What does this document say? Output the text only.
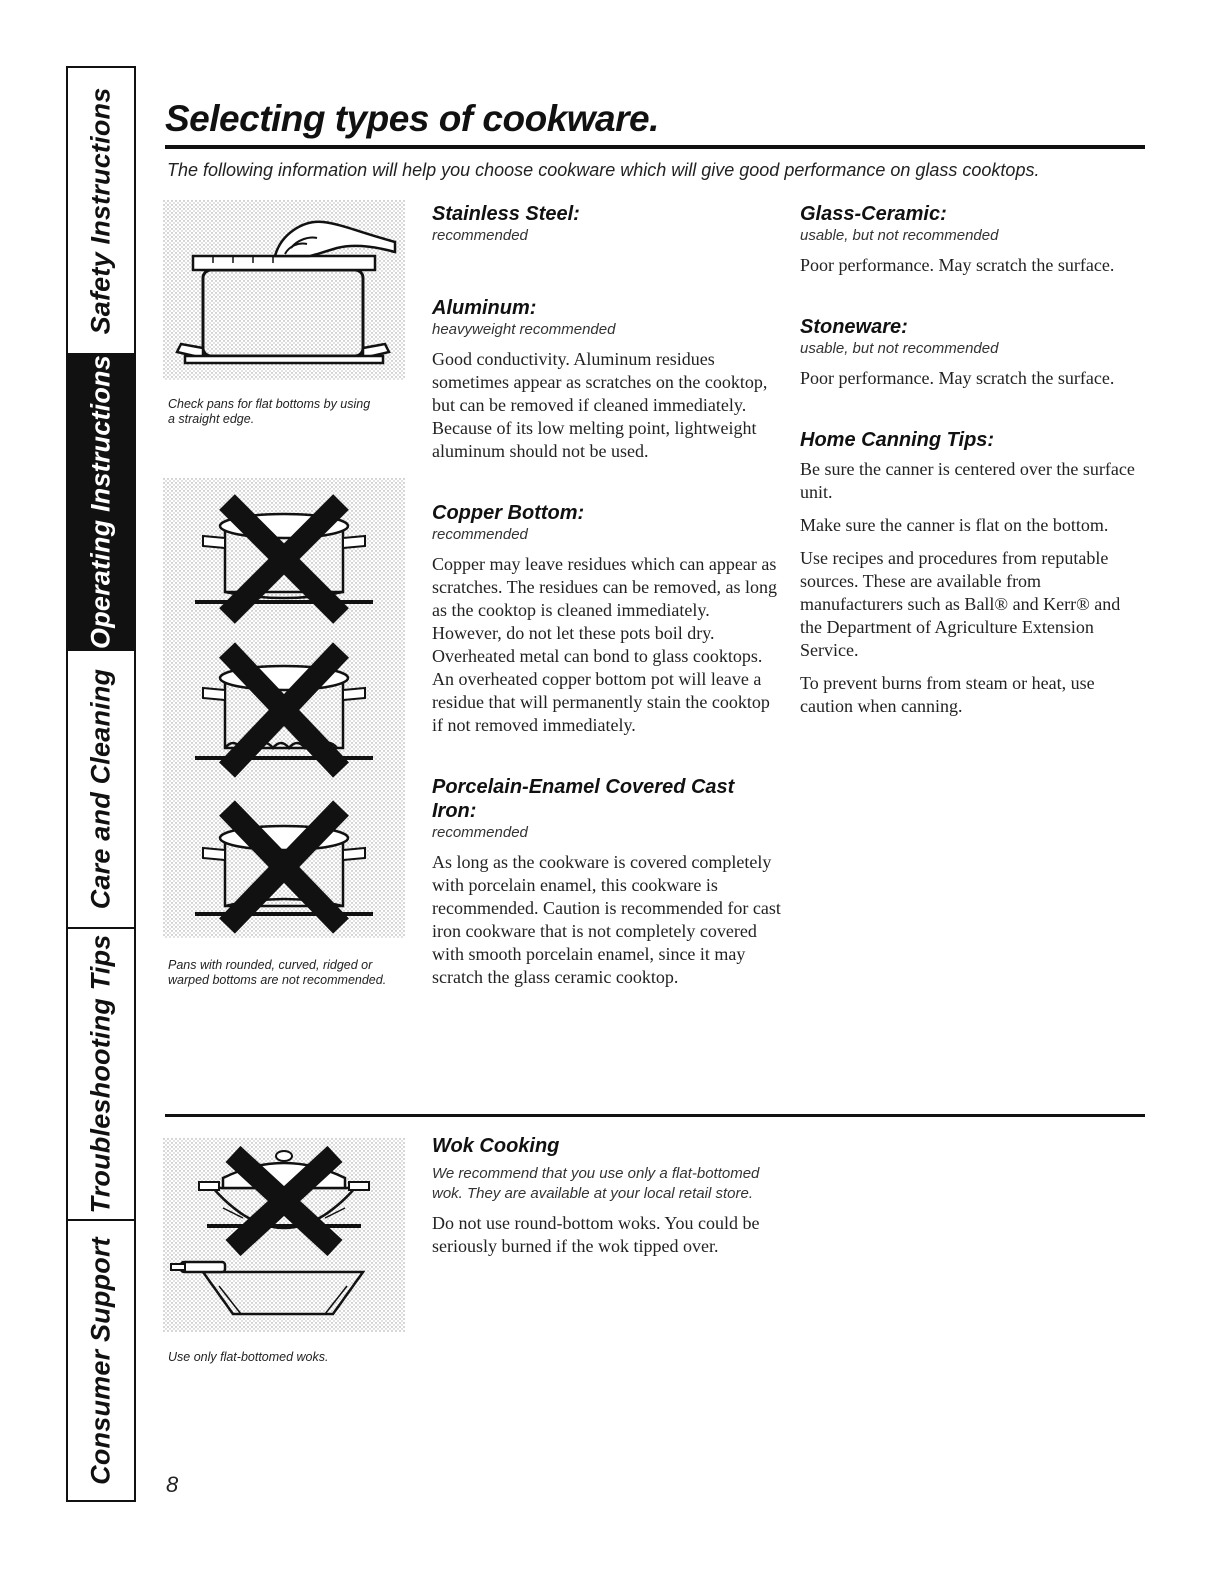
Safety Instructions
Operating Instructions
Care and Cleaning
Troubleshooting Tips
Consumer Support
Selecting types of cookware.

The following information will help you choose cookware which will give good performance on glass cooktops.

Check pans for flat bottoms by using a straight edge.

Pans with rounded, curved, ridged or warped bottoms are not recommended.

Use only flat-bottomed woks.

Stainless Steel:

recommended

Aluminum:

heavyweight recommended

Good conductivity. Aluminum residues sometimes appear as scratches on the cooktop, but can be removed if cleaned immediately. Because of its low melting point, lightweight aluminum should not be used.

Copper Bottom:

recommended

Copper may leave residues which can appear as scratches. The residues can be removed, as long as the cooktop is cleaned immediately. However, do not let these pots boil dry. Overheated metal can bond to glass cooktops. An overheated copper bottom pot will leave a residue that will permanently stain the cooktop if not removed immediately.

Porcelain-Enamel Covered Cast Iron:

recommended

As long as the cookware is covered completely with porcelain enamel, this cookware is recommended. Caution is recommended for cast iron cookware that is not completely covered with smooth porcelain enamel, since it may scratch the glass ceramic cooktop.

Glass-Ceramic:

usable, but not recommended

Poor performance. May scratch the surface.

Stoneware:

usable, but not recommended

Poor performance. May scratch the surface.

Home Canning Tips:

Be sure the canner is centered over the surface unit.

Make sure the canner is flat on the bottom.

Use recipes and procedures from reputable sources. These are available from manufacturers such as Ball® and Kerr® and the Department of Agriculture Extension Service.

To prevent burns from steam or heat, use caution when canning.

Wok Cooking

We recommend that you use only a flat-bottomed wok. They are available at your local retail store.

Do not use round-bottom woks. You could be seriously burned if the wok tipped over.

8
